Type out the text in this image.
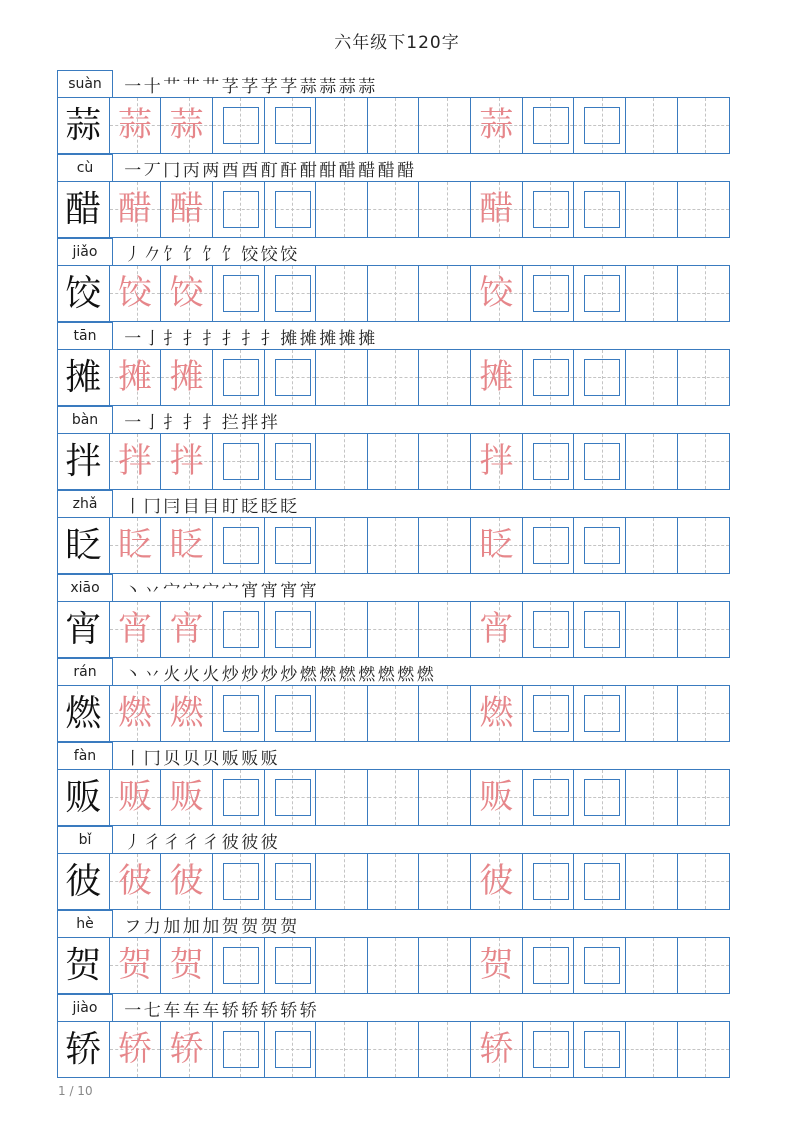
六年级下120字
suàn	一 十 艹 艹 艹 芓 芓 芓 芓 蒜 蒜 蒜 蒜
蒜 蒜 蒜	蒜
cù	一 丆 冂 丙 两 酉 酉 酊 酐 酣 酣 醋 醋 醋 醋
醋 醋 醋	醋
jiǎo	丿 𠂊 饣 饣 饣 饣 饺 饺 饺
饺 饺 饺	饺
tān	一 亅 扌 扌 扌 扌 扌 扌 摊 摊 摊 摊 摊
摊 摊 摊	摊
bàn	一 亅 扌 扌 扌 拦 拌 拌
拌 拌 拌	拌
zhǎ	丨 冂 冃 目 目 盯 眨 眨 眨
眨 眨 眨	眨
xiāo	丶 丷 宀 宀 宀 宀 宵 宵 宵 宵
宵 宵 宵	宵
rán	丶 丷 火 火 火 炒 炒 炒 炒 燃 燃 燃 燃 燃 燃 燃
燃 燃 燃	燃
fàn	丨 冂 贝 贝 贝 贩 贩 贩
贩 贩 贩	贩
bǐ	丿 彳 彳 彳 彳 彼 彼 彼
彼 彼 彼	彼
hè	フ 力 加 加 加 贺 贺 贺 贺
贺 贺 贺	贺
jiào	一 七 车 车 车 轿 轿 轿 轿 轿
轿 轿 轿	轿
1 / 10
